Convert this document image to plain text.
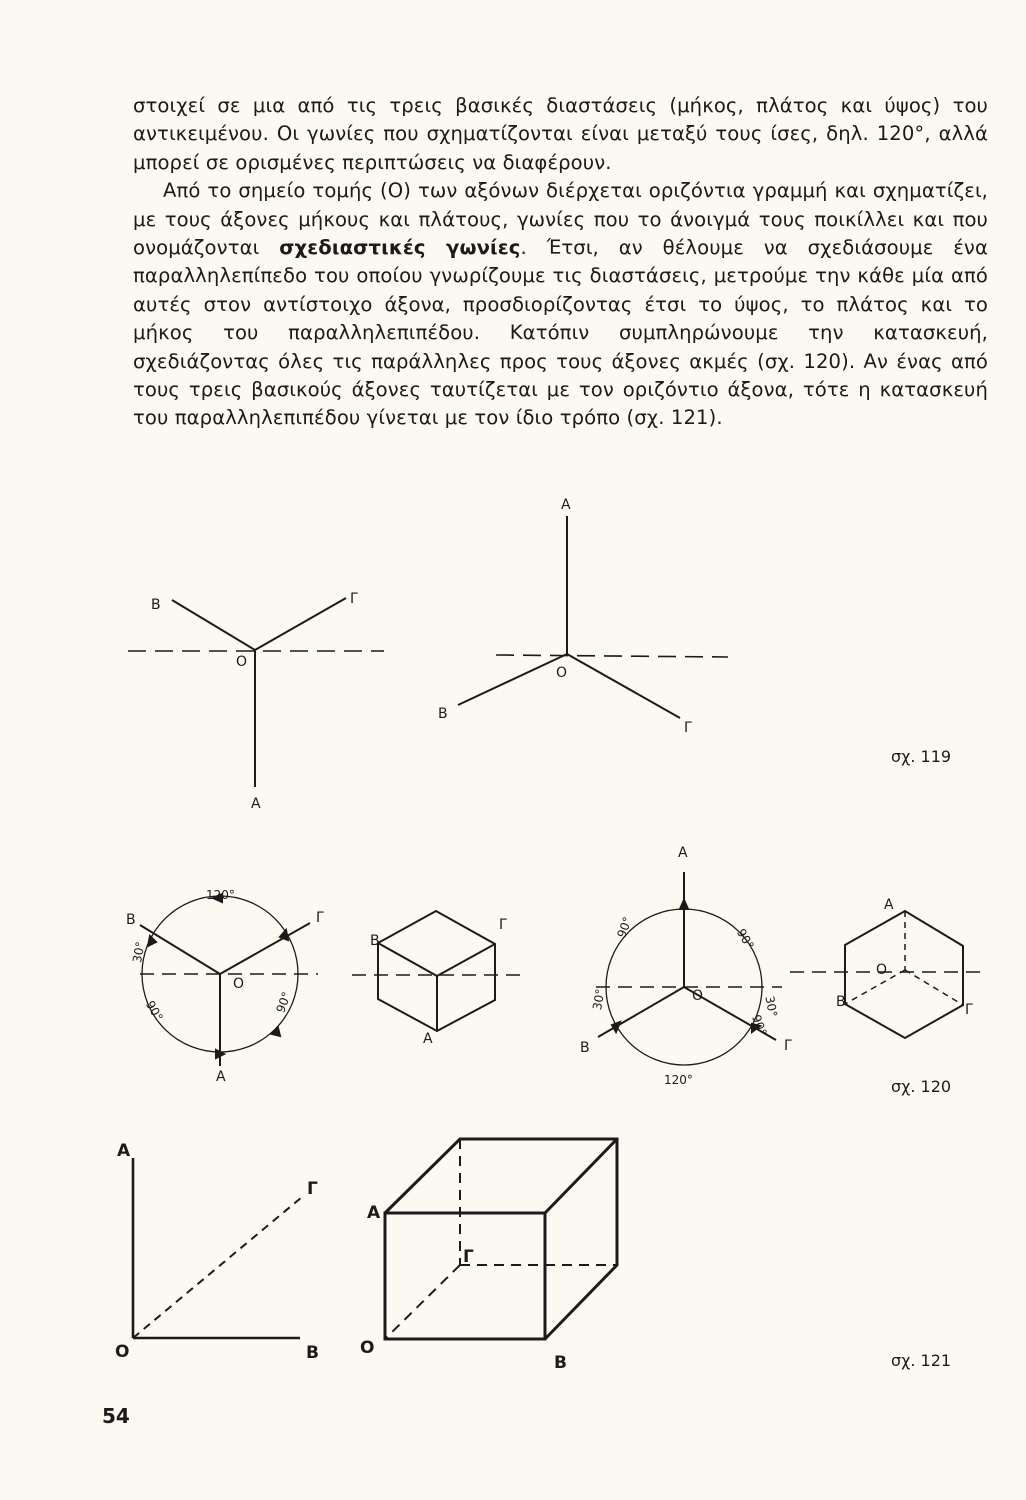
στοιχεί σε μια από τις τρεις βασικές διαστάσεις (μήκος, πλάτος και ύψος) του αντικειμένου. Οι γωνίες που σχηματίζονται είναι μεταξύ τους ίσες, δηλ. 120°, αλλά μπορεί σε ορισμένες περιπτώσεις να διαφέρουν.

Από το σημείο τομής (Ο) των αξόνων διέρχεται οριζόντια γραμμή και σχηματίζει, με τους άξονες μήκους και πλάτους, γωνίες που το άνοιγμά τους ποικίλλει και που ονομάζονται σχεδιαστικές γωνίες. Έτσι, αν θέλουμε να σχεδιάσουμε ένα παραλληλεπίπεδο του οποίου γνωρίζουμε τις διαστάσεις, μετρούμε την κάθε μία από αυτές στον αντίστοιχο άξονα, προσδιορίζοντας έτσι το ύψος, το πλάτος και το μήκος του παραλληλεπιπέδου. Κατόπιν συμπληρώνουμε την κατασκευή, σχεδιάζοντας όλες τις παράλληλες προς τους άξονες ακμές (σχ. 120). Αν ένας από τους τρεις βασικούς άξονες ταυτίζεται με τον οριζόντιο άξονα, τότε η κατασκευή του παραλληλεπιπέδου γίνεται με τον ίδιο τρόπο (σχ. 121).

Β	Γ
Ο
Α
Α
Ο
Β
Γ
Β	Γ
Ο
Α
120°
30°
90°	90°
Β
Γ
Α
Α
Ο
Β	Γ
120°
90°	90°
30°	30°
90°
Α
Ο
Β	Γ
Α
Γ
Ο	Β
Α
Γ
Ο
Β
σχ. 119
σχ. 120
σχ. 121
54
